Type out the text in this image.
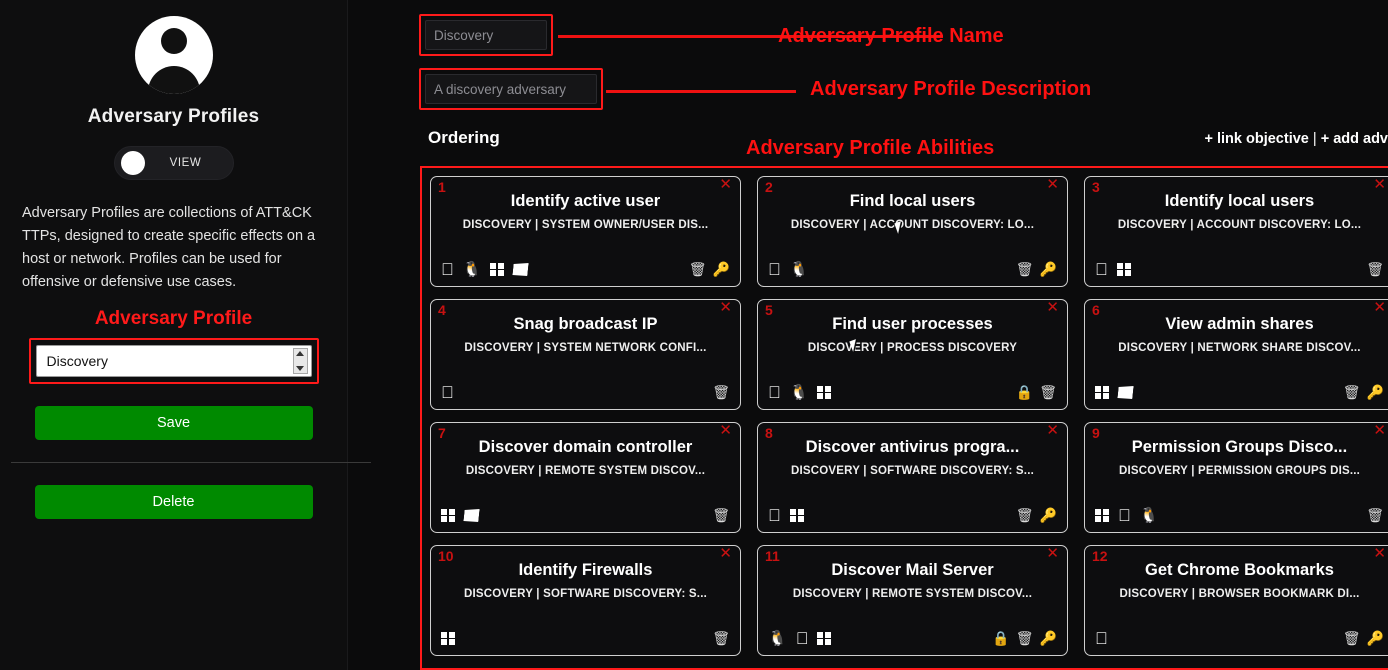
Adversary Profiles
VIEW
Adversary Profiles are collections of ATT&CK TTPs, designed to create specific effects on a host or network. Profiles can be used for offensive or defensive use cases.
Adversary Profile
Discovery
Save
Delete
Discovery	Adversary Profile Name
A discovery adversary	Adversary Profile Description
Ordering	Adversary Profile Abilities	+ link objective | + add adv
1	✕
Identify active user
DISCOVERY | SYSTEM OWNER/USER DIS...
🐧	🗑 🔑
2	✕
Find local users
DISCOVERY | ACCOUNT DISCOVERY: LO...
🐧	🗑 🔑
3	✕
Identify local users
DISCOVERY | ACCOUNT DISCOVERY: LO...
🗑
4	✕
Snag broadcast IP
DISCOVERY | SYSTEM NETWORK CONFI...
🗑
5	✕
Find user processes
DISCOVERY | PROCESS DISCOVERY
🐧	🔒 🗑
6	✕
View admin shares
DISCOVERY | NETWORK SHARE DISCOV...
🗑 🔑
7	✕
Discover domain controller
DISCOVERY | REMOTE SYSTEM DISCOV...
🗑
8	✕
Discover antivirus progra...
DISCOVERY | SOFTWARE DISCOVERY: S...
🗑 🔑
9	✕
Permission Groups Disco...
DISCOVERY | PERMISSION GROUPS DIS...
🐧	🗑
10	✕
Identify Firewalls
DISCOVERY | SOFTWARE DISCOVERY: S...
🗑
11	✕
Discover Mail Server
DISCOVERY | REMOTE SYSTEM DISCOV...
🐧	🔒 🗑 🔑
12	✕
Get Chrome Bookmarks
DISCOVERY | BROWSER BOOKMARK DI...
🗑 🔑
